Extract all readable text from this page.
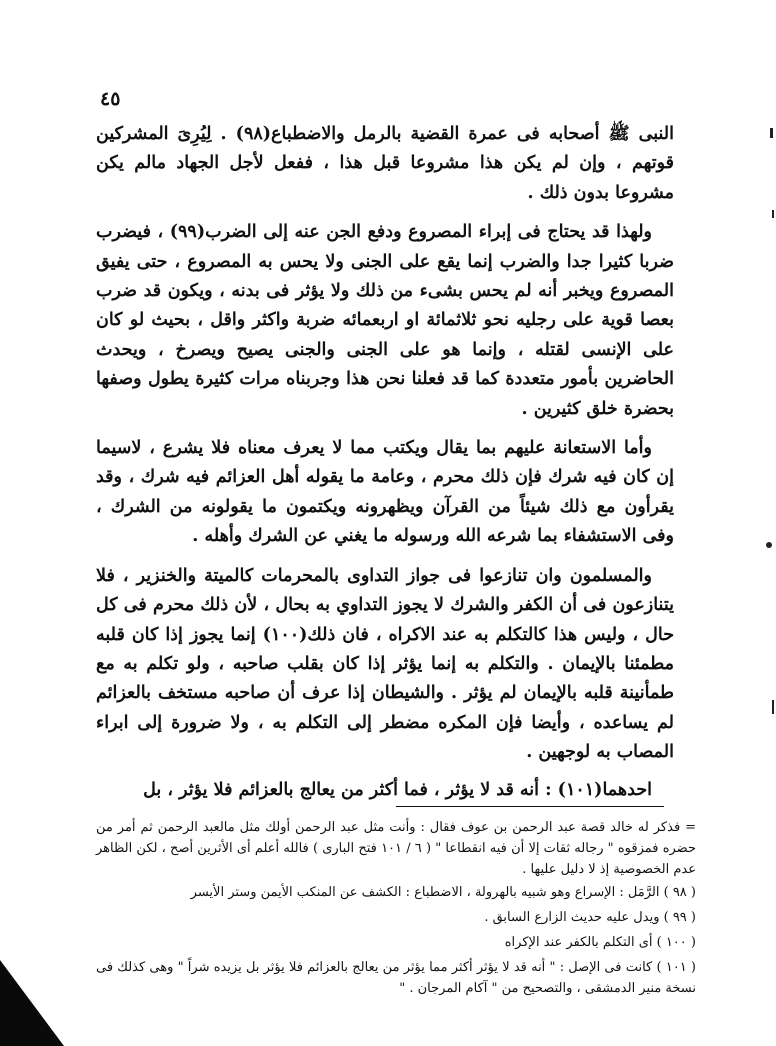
٤٥

النبى ﷺ أصحابه فى عمرة القضية بالرمل والاضطباع(٩٨) . لِيُرِىَ المشركين قوتهم ، وإن لم يكن هذا مشروعا قبل هذا ، ففعل لأجل الجهاد مالم يكن مشروعا بدون ذلك .

ولهذا قد يحتاج فى إبراء المصروع ودفع الجن عنه إلى الضرب(٩٩) ، فيضرب ضربا كثيرا جدا والضرب إنما يقع على الجنى ولا يحس به المصروع ، حتى يفيق المصروع ويخبر أنه لم يحس بشىء من ذلك ولا يؤثر فى بدنه ، ويكون قد ضرب بعصا قوية على رجليه نحو ثلاثمائة او اربعمائه ضربة واكثر واقل ، بحيث لو كان على الإنسى لقتله ، وإنما هو على الجنى والجنى يصيح ويصرخ ، ويحدث الحاضرين بأمور متعددة كما قد فعلنا نحن هذا وجربناه مرات كثيرة يطول وصفها بحضرة خلق كثيرين .

وأما الاستعانة عليهم بما يقال ويكتب مما لا يعرف معناه فلا يشرع ، لاسيما إن كان فيه شرك فإن ذلك محرم ، وعامة ما يقوله أهل العزائم فيه شرك ، وقد يقرأون مع ذلك شيئاً من القرآن ويظهرونه ويكتمون ما يقولونه من الشرك ، وفى الاستشفاء بما شرعه الله ورسوله ما يغني عن الشرك وأهله .

والمسلمون وان تنازعوا فى جواز التداوى بالمحرمات كالميتة والخنزير ، فلا يتنازعون فى أن الكفر والشرك لا يجوز التداوي به بحال ، لأن ذلك محرم فى كل حال ، وليس هذا كالتكلم به عند الاكراه ، فان ذلك(١٠٠) إنما يجوز إذا كان قلبه مطمئنا بالإيمان . والتكلم به إنما يؤثر إذا كان بقلب صاحبه ، ولو تكلم به مع طمأنينة قلبه بالإيمان لم يؤثر . والشيطان إذا عرف أن صاحبه مستخف بالعزائم لم يساعده ، وأيضا فإن المكره مضطر إلى التكلم به ، ولا ضرورة إلى ابراء المصاب به لوجهين .

احدهما(١٠١) : أنه قد لا يؤثر ، فما أكثر من يعالج بالعزائم فلا يؤثر ، بل

= فذكر له خالد قصة عبد الرحمن بن عوف فقال : وأنت مثل عبد الرحمن أولك مثل مالعبد الرحمن ثم أمر من حضره فمزقوه " رجاله ثقات إلا أن فيه انقطاعا " ( ٦ / ١٠١ فتح البارى ) فالله أعلم أى الأثرين أصح ، لكن الظاهر عدم الخصوصية إذ لا دليل عليها .

( ٩٨ ) الرَّمَل : الإسراع وهو شبيه بالهرولة ، الاضطباع : الكشف عن المنكب الأيمن وستر الأيسر

( ٩٩ ) ويدل عليه حديث الزارع السابق .

( ١٠٠ ) أى التكلم بالكفر عند الإكراه

( ١٠١ ) كانت فى الإصل : " أنه قد لا يؤثر أكثر مما يؤثر من يعالج بالعزائم فلا يؤثر بل يزيده شراً " وهى كذلك فى نسخة منير الدمشقى ، والتصحيح من " آكام المرجان . "
